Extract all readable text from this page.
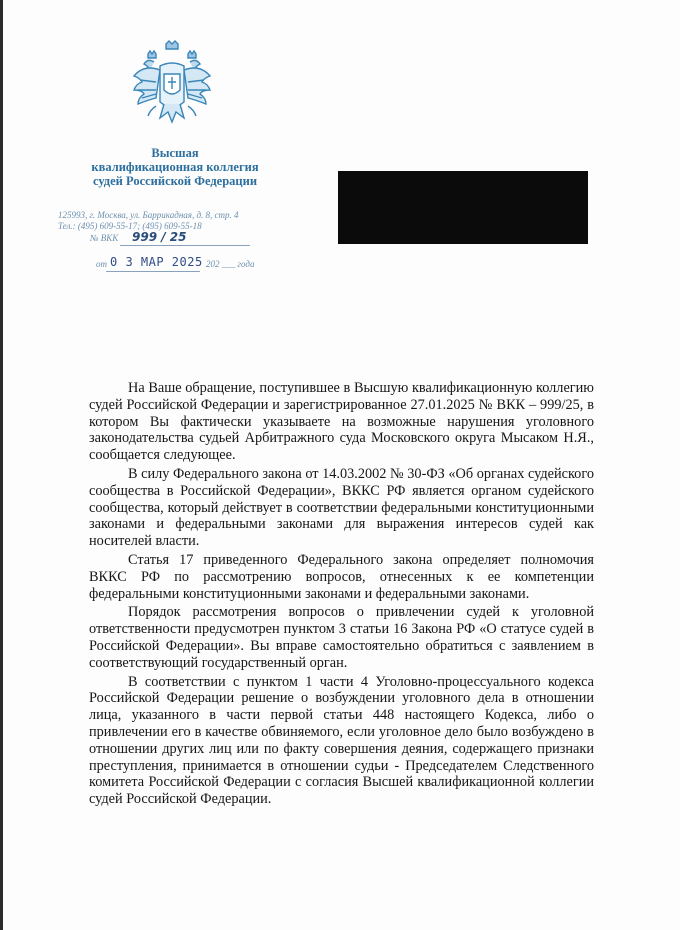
Высшая
квалификационная коллегия
судей Российской Федерации
125993, г. Москва, ул. Баррикадная, д. 8, стр. 4
Тел.: (495) 609-55-17; (495) 609-55-18
№ ВКК 999 / 25
от 0 3 МАР 2025 202 ___ года

На Ваше обращение, поступившее в Высшую квалификационную коллегию судей Российской Федерации и зарегистрированное 27.01.2025 № ВКК – 999/25, в котором Вы фактически указываете на возможные нарушения уголовного законодательства судьей Арбитражного суда Московского округа Мысаком Н.Я., сообщается следующее.

В силу Федерального закона от 14.03.2002 № 30-ФЗ «Об органах судейского сообщества в Российской Федерации», ВККС РФ является органом судейского сообщества, который действует в соответствии федеральными конституционными законами и федеральными законами для выражения интересов судей как носителей власти.

Статья 17 приведенного Федерального закона определяет полномочия ВККС РФ по рассмотрению вопросов, отнесенных к ее компетенции федеральными конституционными законами и федеральными законами.

Порядок рассмотрения вопросов о привлечении судей к уголовной ответственности предусмотрен пунктом 3 статьи 16 Закона РФ «О статусе судей в Российской Федерации». Вы вправе самостоятельно обратиться с заявлением в соответствующий государственный орган.

В соответствии с пунктом 1 части 4 Уголовно-процессуального кодекса Российской Федерации решение о возбуждении уголовного дела в отношении лица, указанного в части первой статьи 448 настоящего Кодекса, либо о привлечении его в качестве обвиняемого, если уголовное дело было возбуждено в отношении других лиц или по факту совершения деяния, содержащего признаки преступления, принимается в отношении судьи - Председателем Следственного комитета Российской Федерации с согласия Высшей квалификационной коллегии судей Российской Федерации.
